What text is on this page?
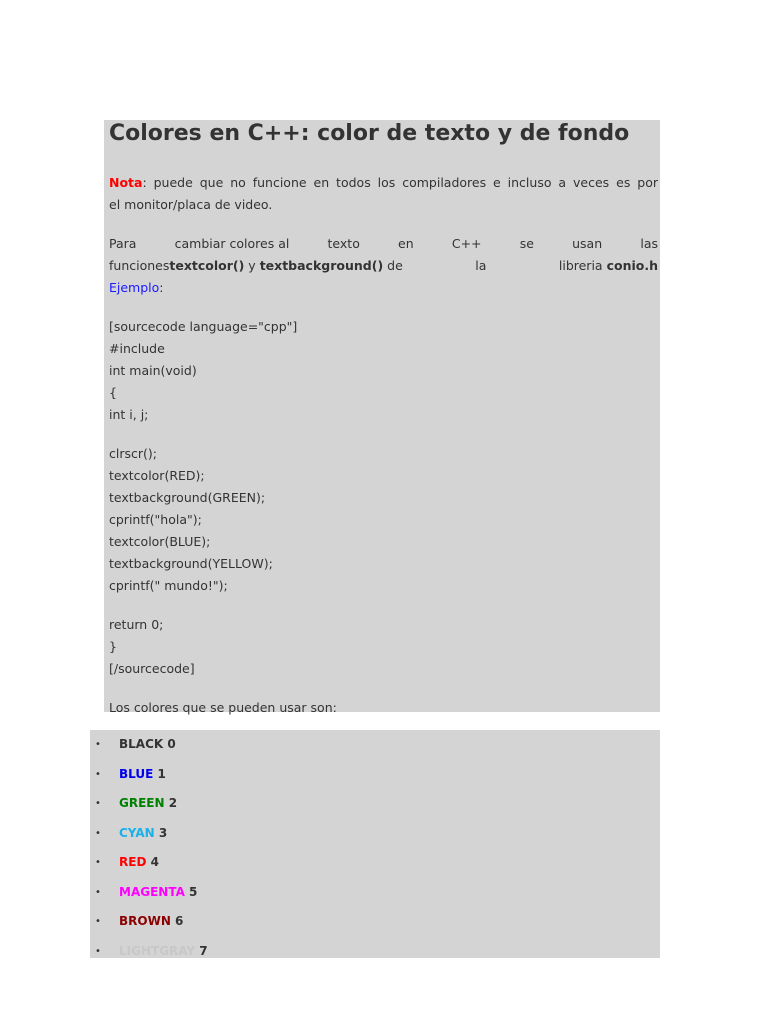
Colores en C++: color de texto y de fondo

Nota: puede que no funcione en todos los compiladores e incluso a veces es por

el monitor/placa de video.

Para	cambiar colores al	texto	en	C++	se	usan	las
funcionestextcolor() y textbackground() de	la	libreria conio.h

Ejemplo:

[sourcecode language="cpp"]
#include
int main(void)
{
int i, j;
clrscr();
textcolor(RED);
textbackground(GREEN);
cprintf("hola");
textcolor(BLUE);
textbackground(YELLOW);
cprintf(" mundo!");
return 0;
}
[/sourcecode]

Los colores que se pueden usar son:

• BLACK 0
• BLUE 1
• GREEN 2
• CYAN 3
• RED 4
• MAGENTA 5
• BROWN 6
• LIGHTGRAY 7
